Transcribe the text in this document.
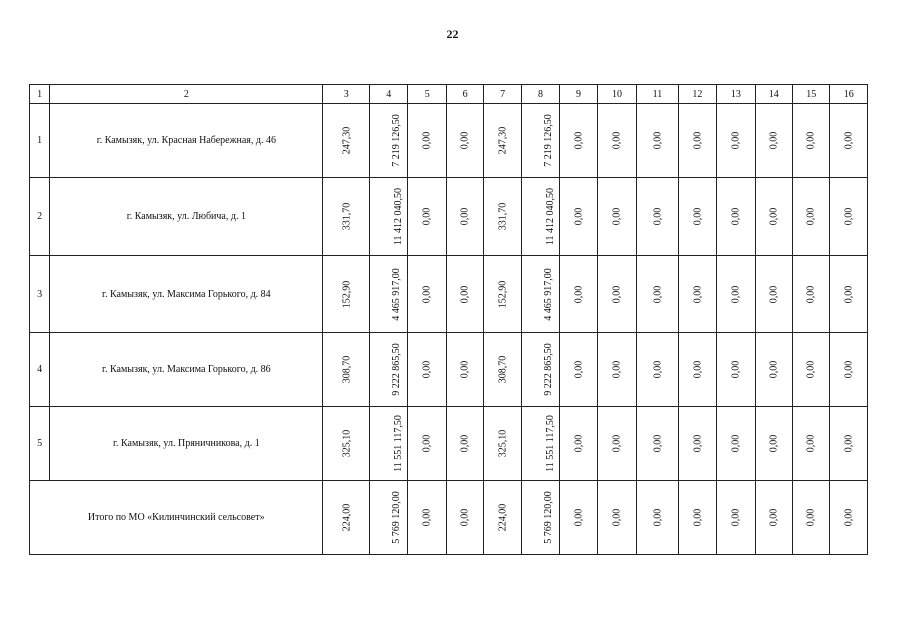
22
1	2	3	4	5	6	7	8	9	10	11	12	13	14	15	16
1	г. Камызяк, ул. Красная Набережная, д. 46	247,30	7 219 126,50	0,00	0,00	247,30	7 219 126,50	0,00	0,00	0,00	0,00	0,00	0,00	0,00	0,00
2	г. Камызяк, ул. Любича, д. 1	331,70	11 412 040,50	0,00	0,00	331,70	11 412 040,50	0,00	0,00	0,00	0,00	0,00	0,00	0,00	0,00
3	г. Камызяк, ул. Максима Горького, д. 84	152,90	4 465 917,00	0,00	0,00	152,90	4 465 917,00	0,00	0,00	0,00	0,00	0,00	0,00	0,00	0,00
4	г. Камызяк, ул. Максима Горького, д. 86	308,70	9 222 865,50	0,00	0,00	308,70	9 222 865,50	0,00	0,00	0,00	0,00	0,00	0,00	0,00	0,00
5	г. Камызяк, ул. Пряничникова, д. 1	325,10	11 551 117,50	0,00	0,00	325,10	11 551 117,50	0,00	0,00	0,00	0,00	0,00	0,00	0,00	0,00
Итого по МО «Килинчинский сельсовет»		224,00	5 769 120,00	0,00	0,00	224,00	5 769 120,00	0,00	0,00	0,00	0,00	0,00	0,00	0,00	0,00
